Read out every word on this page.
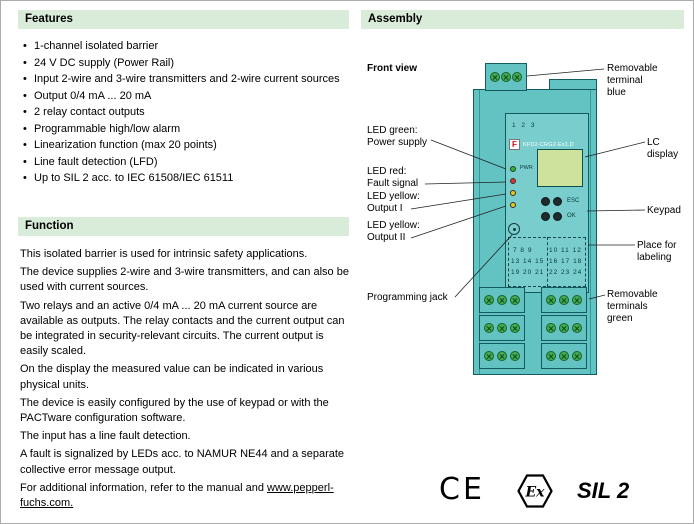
Features
• 1-channel isolated barrier
• 24 V DC supply (Power Rail)
• Input 2-wire and 3-wire transmitters and 2-wire current sources
• Output 0/4 mA ... 20 mA
• 2 relay contact outputs
• Programmable high/low alarm
• Linearization function (max 20 points)
• Line fault detection (LFD)
• Up to SIL 2 acc. to IEC 61508/IEC 61511
Function

This isolated barrier is used for intrinsic safety applications.

The device supplies 2-wire and 3-wire transmitters, and can also be used with current sources.

Two relays and an active 0/4 mA ... 20 mA current source are available as outputs. The relay contacts and the current output can be integrated in security-relevant circuits. The current output is easily scaled.

On the display the measured value can be indicated in various physical units.

The device is easily configured by the use of keypad or with the PACTware configuration software.

The input has a line fault detection.

A fault is signalized by LEDs acc. to NAMUR NE44 and a separate collective error message output.

For additional information, refer to the manual and www.pepperl-fuchs.com.

Assembly
Front view
1 2 3
F	KFD2-CRG2-Ex1.D
PWR
ESC
OK
7 8 9	10 11 12
13 14 15 16 17 18
19 20 21 22 23 24
LED green:
Power supply
LED red:
Fault signal
LED yellow:
Output I
LED yellow:
Output II
Programming jack
Removable terminal
blue
LC display
Keypad
Place for labeling
Removable terminals
green
CE	Ex SIL 2
